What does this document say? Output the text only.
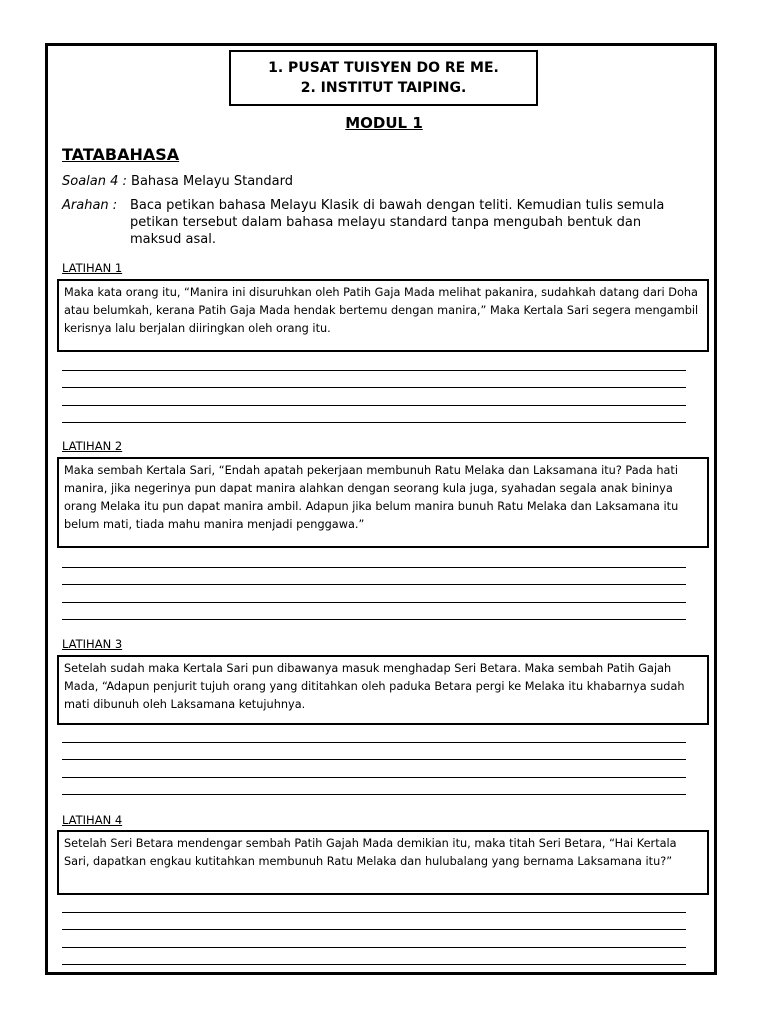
1. PUSAT TUISYEN DO RE ME.
2. INSTITUT TAIPING.
MODUL 1
TATABAHASA
Soalan 4 : Bahasa Melayu Standard
Arahan : Baca petikan bahasa Melayu Klasik di bawah dengan teliti. Kemudian tulis semula petikan tersebut dalam bahasa melayu standard tanpa mengubah bentuk dan maksud asal.
LATIHAN 1
Maka kata orang itu, “Manira ini disuruhkan oleh Patih Gaja Mada melihat pakanira, sudahkah datang dari Doha atau belumkah, kerana Patih Gaja Mada hendak bertemu dengan manira,” Maka Kertala Sari segera mengambil kerisnya lalu berjalan diiringkan oleh orang itu.
LATIHAN 2
Maka sembah Kertala Sari, “Endah apatah pekerjaan membunuh Ratu Melaka dan Laksamana itu? Pada hati manira, jika negerinya pun dapat manira alahkan dengan seorang kula juga, syahadan segala anak bininya orang Melaka itu pun dapat manira ambil. Adapun jika belum manira bunuh Ratu Melaka dan Laksamana itu belum mati, tiada mahu manira menjadi penggawa.”
LATIHAN 3
Setelah sudah maka Kertala Sari pun dibawanya masuk menghadap Seri Betara. Maka sembah Patih Gajah Mada, “Adapun penjurit tujuh orang yang dititahkan oleh paduka Betara pergi ke Melaka itu khabarnya sudah mati dibunuh oleh Laksamana ketujuhnya.
LATIHAN 4
Setelah Seri Betara mendengar sembah Patih Gajah Mada demikian itu, maka titah Seri Betara, “Hai Kertala Sari, dapatkan engkau kutitahkan membunuh Ratu Melaka dan hulubalang yang bernama Laksamana itu?”
